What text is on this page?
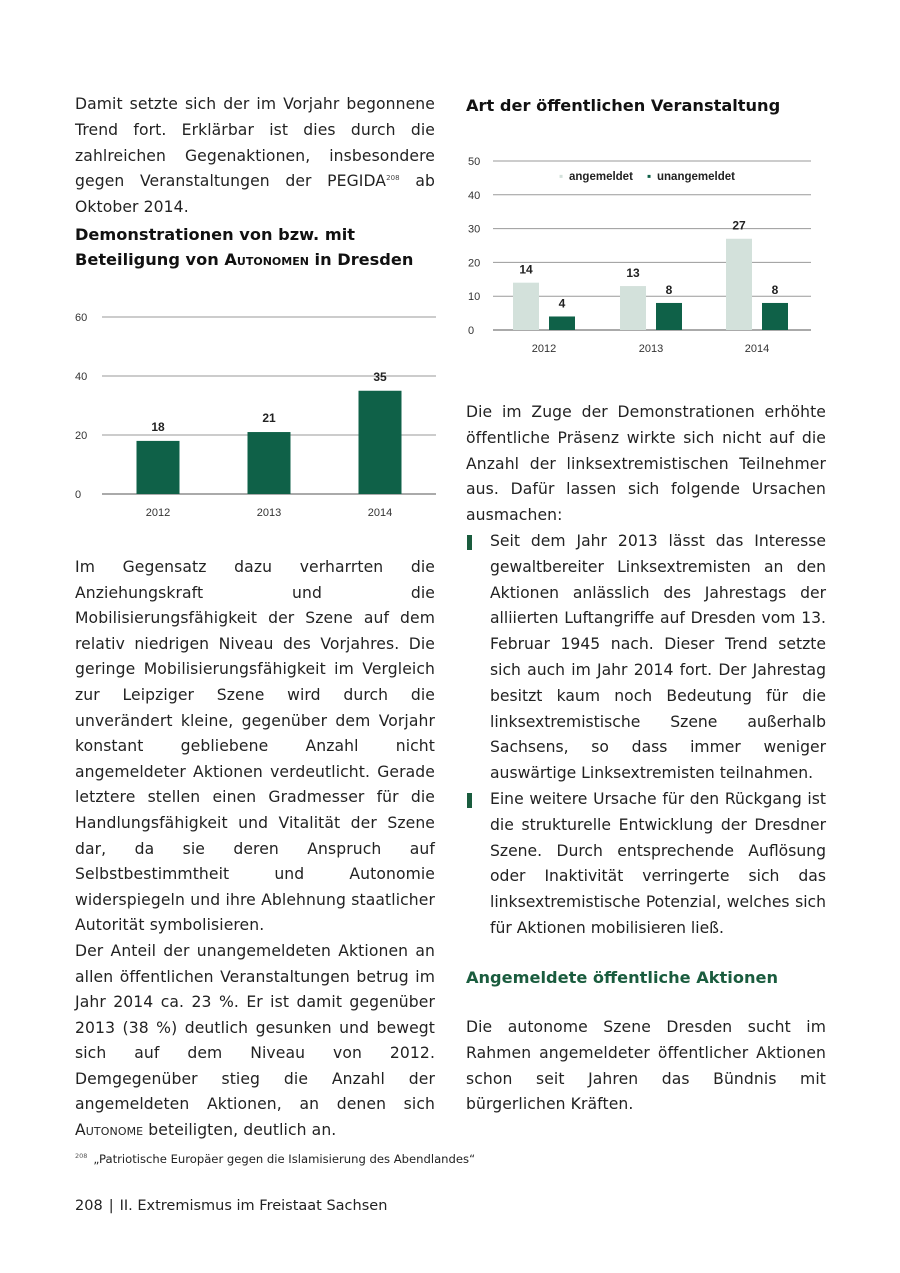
Damit setzte sich der im Vorjahr begonnene Trend fort. Erklärbar ist dies durch die zahlreichen Gegenaktionen, insbesondere gegen Veranstaltungen der PEGIDA$^{208}$ ab Oktober 2014.

Demonstrationen von bzw. mit Beteiligung von Autonomen in Dresden

0
20
40
60
18
2012
21
2013
35
2014

Im Gegensatz dazu verharrten die Anziehungskraft und die Mobilisierungsfähigkeit der Szene auf dem relativ niedrigen Niveau des Vorjahres. Die geringe Mobilisierungsfähigkeit im Vergleich zur Leipziger Szene wird durch die unverändert kleine, gegenüber dem Vorjahr konstant gebliebene Anzahl nicht angemeldeter Aktionen verdeutlicht. Gerade letztere stellen einen Gradmesser für die Handlungsfähigkeit und Vitalität der Szene dar, da sie deren Anspruch auf Selbstbestimmtheit und Autonomie widerspiegeln und ihre Ablehnung staatlicher Autorität symbolisieren.

Der Anteil der unangemeldeten Aktionen an allen öffentlichen Veranstaltungen betrug im Jahr 2014 ca. 23 %. Er ist damit gegenüber 2013 (38 %) deutlich gesunken und bewegt sich auf dem Niveau von 2012. Demgegenüber stieg die Anzahl der angemeldeten Aktionen, an denen sich Autonome beteiligten, deutlich an.

Art der öffentlichen Veranstaltung

0
10
20
30
40
50
14	13
27
4
8	8
2012	2013	2014
▪ angemeldet ▪ unangemeldet

Die im Zuge der Demonstrationen erhöhte öffentliche Präsenz wirkte sich nicht auf die Anzahl der linksextremistischen Teilnehmer aus. Dafür lassen sich folgende Ursachen ausmachen:

Seit dem Jahr 2013 lässt das Interesse gewaltbereiter Linksextremisten an den Aktionen anlässlich des Jahrestags der alliierten Luftangriffe auf Dresden vom 13. Februar 1945 nach. Dieser Trend setzte sich auch im Jahr 2014 fort. Der Jahrestag besitzt kaum noch Bedeutung für die linksextremistische Szene außerhalb Sachsens, so dass immer weniger auswärtige Linksextremisten teilnahmen.
Eine weitere Ursache für den Rückgang ist die strukturelle Entwicklung der Dresdner Szene. Durch entsprechende Auflösung oder Inaktivität verringerte sich das linksextremistische Potenzial, welches sich für Aktionen mobilisieren ließ.

Angemeldete öffentliche Aktionen

Die autonome Szene Dresden sucht im Rahmen angemeldeter öffentlicher Aktionen schon seit Jahren das Bündnis mit bürgerlichen Kräften.

$^{208}$ „Patriotische Europäer gegen die Islamisierung des Abendlandes“
208 | II. Extremismus im Freistaat Sachsen
